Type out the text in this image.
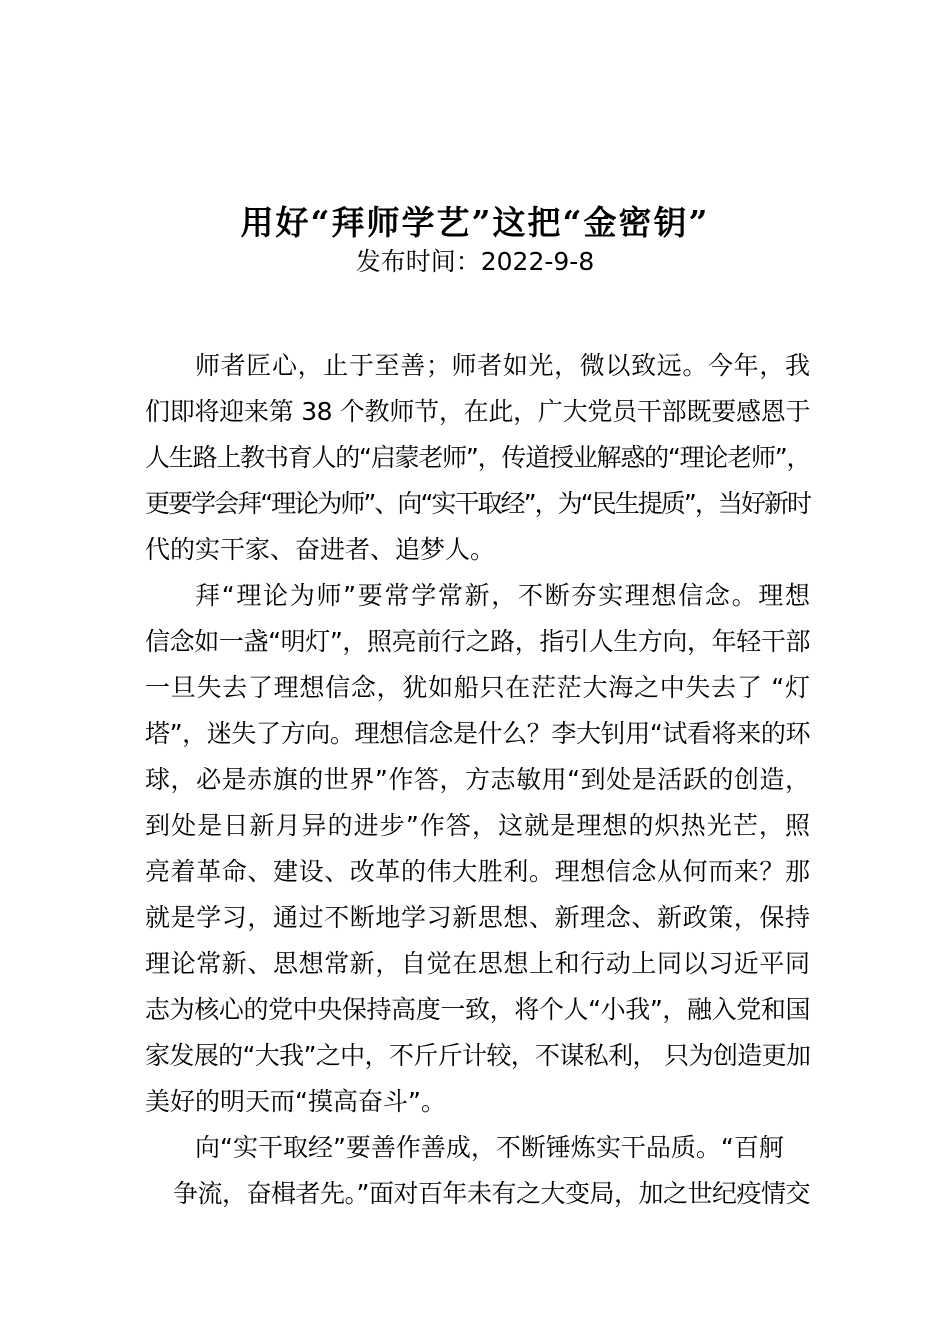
用好“拜师学艺”这把“金密钥”
发布时间：2022-9-8
师者匠心，止于至善；师者如光，微以致远。今年，我
们即将迎来第 38 个教师节，在此，广大党员干部既要感恩于
人生路上教书育人的“启蒙老师”，传道授业解惑的“理论老师”，
更要学会拜“理论为师”、向“实干取经”，为“民生提质”，当好新时
代的实干家、奋进者、追梦人。
拜“理论为师”要常学常新，不断夯实理想信念。理想
信念如一盏“明灯”，照亮前行之路，指引人生方向，年轻干部
一旦失去了理想信念，犹如船只在茫茫大海之中失去了 “灯
塔”，迷失了方向。理想信念是什么？李大钊用“试看将来的环
球，必是赤旗的世界”作答，方志敏用“到处是活跃的创造，
到处是日新月异的进步”作答，这就是理想的炽热光芒，照
亮着革命、建设、改革的伟大胜利。理想信念从何而来？那
就是学习，通过不断地学习新思想、新理念、新政策，保持
理论常新、思想常新，自觉在思想上和行动上同以习近平同
志为核心的党中央保持高度一致，将个人“小我”，融入党和国
家发展的“大我”之中，不斤斤计较，不谋私利， 只为创造更加
美好的明天而“摸高奋斗”。
向“实干取经”要善作善成，不断锤炼实干品质。“百舸
争流，奋楫者先。”面对百年未有之大变局，加之世纪疫情交
